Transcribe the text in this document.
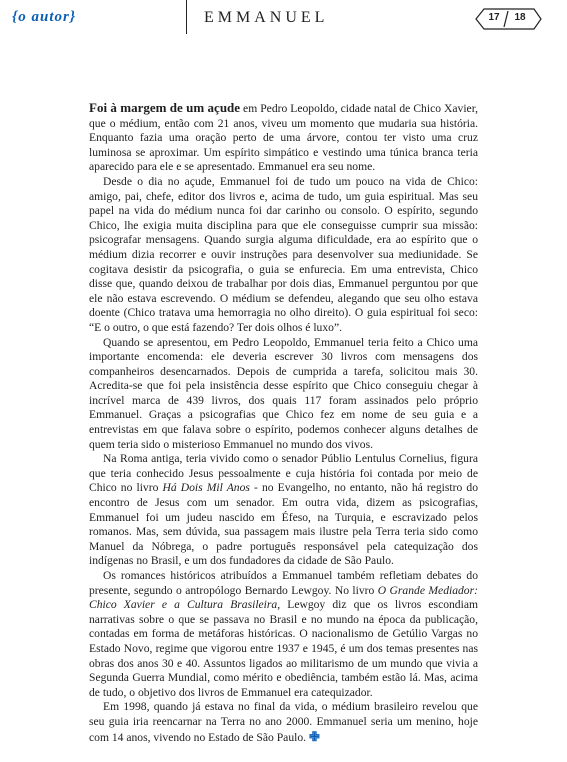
{o autor}	EMMANUEL	17	18

Foi à margem de um açude em Pedro Leopoldo, cidade natal de Chico Xavier, que o médium, então com 21 anos, viveu um momento que mudaria sua história. Enquanto fazia uma oração perto de uma árvore, contou ter visto uma cruz luminosa se aproximar. Um espírito simpático e vestindo uma túnica branca teria aparecido para ele e se apresentado. Emmanuel era seu nome.

Desde o dia no açude, Emmanuel foi de tudo um pouco na vida de Chico: amigo, pai, chefe, editor dos livros e, acima de tudo, um guia espiritual. Mas seu papel na vida do médium nunca foi dar carinho ou consolo. O espírito, segundo Chico, lhe exigia muita disciplina para que ele conseguisse cumprir sua missão: psicografar mensagens. Quando surgia alguma dificuldade, era ao espírito que o médium dizia recorrer e ouvir instruções para desenvolver sua mediunidade. Se cogitava desistir da psicografia, o guia se enfurecia. Em uma entrevista, Chico disse que, quando deixou de trabalhar por dois dias, Emmanuel perguntou por que ele não estava escrevendo. O médium se defendeu, alegando que seu olho estava doente (Chico tratava uma hemorragia no olho direito). O guia espiritual foi seco: “E o outro, o que está fazendo? Ter dois olhos é luxo”.

Quando se apresentou, em Pedro Leopoldo, Emmanuel teria feito a Chico uma importante encomenda: ele deveria escrever 30 livros com mensagens dos companheiros desencarnados. Depois de cumprida a tarefa, solicitou mais 30. Acredita-se que foi pela insistência desse espírito que Chico conseguiu chegar à incrível marca de 439 livros, dos quais 117 foram assinados pelo próprio Emmanuel. Graças a psicografias que Chico fez em nome de seu guia e a entrevistas em que falava sobre o espírito, podemos conhecer alguns detalhes de quem teria sido o misterioso Emmanuel no mundo dos vivos.

Na Roma antiga, teria vivido como o senador Públio Lentulus Cornelius, figura que teria conhecido Jesus pessoalmente e cuja história foi contada por meio de Chico no livro Há Dois Mil Anos - no Evangelho, no entanto, não há registro do encontro de Jesus com um senador. Em outra vida, dizem as psicografias, Emmanuel foi um judeu nascido em Éfeso, na Turquia, e escravizado pelos romanos. Mas, sem dúvida, sua passagem mais ilustre pela Terra teria sido como Manuel da Nóbrega, o padre português responsável pela catequização dos indígenas no Brasil, e um dos fundadores da cidade de São Paulo.

Os romances históricos atribuídos a Emmanuel também refletiam debates do presente, segundo o antropólogo Bernardo Lewgoy. No livro O Grande Mediador: Chico Xavier e a Cultura Brasileira, Lewgoy diz que os livros escondiam narrativas sobre o que se passava no Brasil e no mundo na época da publicação, contadas em forma de metáforas históricas. O nacionalismo de Getúlio Vargas no Estado Novo, regime que vigorou entre 1937 e 1945, é um dos temas presentes nas obras dos anos 30 e 40. Assuntos ligados ao militarismo de um mundo que vivia a Segunda Guerra Mundial, como mérito e obediência, também estão lá. Mas, acima de tudo, o objetivo dos livros de Emmanuel era catequizador.

Em 1998, quando já estava no final da vida, o médium brasileiro revelou que seu guia iria reencarnar na Terra no ano 2000. Emmanuel seria um menino, hoje com 14 anos, vivendo no Estado de São Paulo. ✙
